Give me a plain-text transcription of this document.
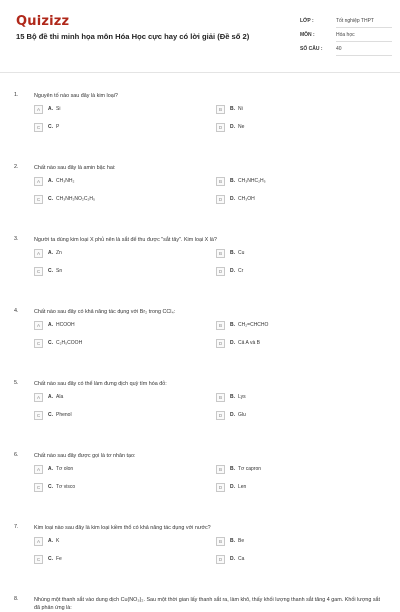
Quizizz
15 Bộ đề thi minh họa môn Hóa Học cực hay có lời giải (Đề số 2)
LỚP :	Tốt nghiệp THPT
MÔN :	Hóa học
SỐ CÂU :	40
1.	Nguyên tố nào sau đây là kim loại?
A	A. Si	B	B. Ni
C	C. P	D	D. Ne
2.	Chất nào sau đây là amin bậc hai:
A	A. CH₃NH₂	B	B. CH₃NHC₂H₅
C	C. CH₃NH₂NO₂C₂H₅	D	D. CH₃OH
3.	Người ta dùng kim loại X phủ nên là sắt để thu được "sắt tây". Kim loại X là?
A	A. Zn	B	B. Cu
C	C. Sn	D	D. Cr
4.	Chất nào sau đây có khả năng tác dụng với Br₂ trong CCl₄:
A	A. HCOOH	B	B. CH₂=CHCHO
C	C. C₂H₅COOH	D	D. Cả A và B
5.	Chất nào sau đây có thể làm đưng dịch quỳ tím hóa đỏ:
A	A. Ala	B	B. Lys
C	C. Phenol	D	D. Glu
6.	Chất nào sau đây được gọi là tơ nhân tạo:
A	A. Tơ olon	B	B. Tơ capron
C	C. Tơ visco	D	D. Len
7.	Kim loại nào sau đây là kim loại kiềm thổ có khả năng tác dụng với nước?
A	A. K	B	B. Be
C	C. Fe	D	D. Ca
8.	Nhúng một thanh sắt vào dung dịch Cu(NO₃)₂. Sau một thời gian lấy thanh sắt ra, làm khô, thấy khối lượng thanh sắt tăng 4 gam. Khối lượng sắt đã phản ứng là:
